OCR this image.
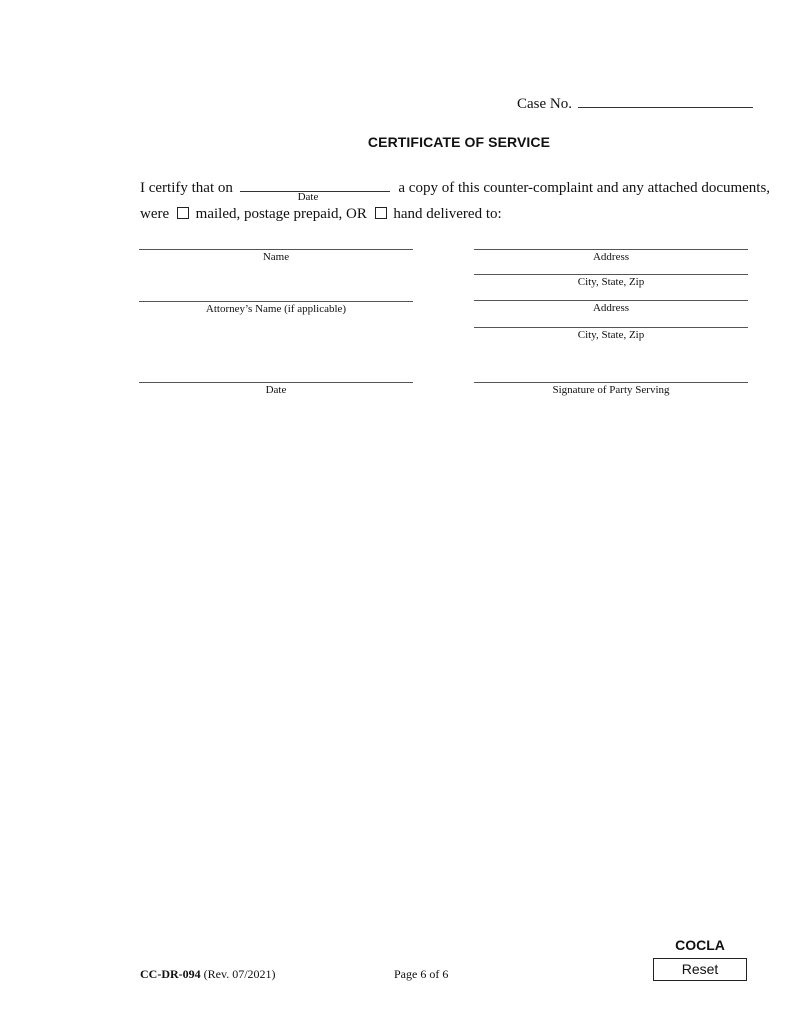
Case No.
CERTIFICATE OF SERVICE
I certify that on	a copy of this counter-complaint and any attached documents,
Date
were mailed, postage prepaid, OR hand delivered to:
Name
Attorney’s Name (if applicable)
Date
Address
City, State, Zip
Address
City, State, Zip
Signature of Party Serving
CC-DR-094 (Rev. 07/2021)	Page 6 of 6
COCLA
Reset
